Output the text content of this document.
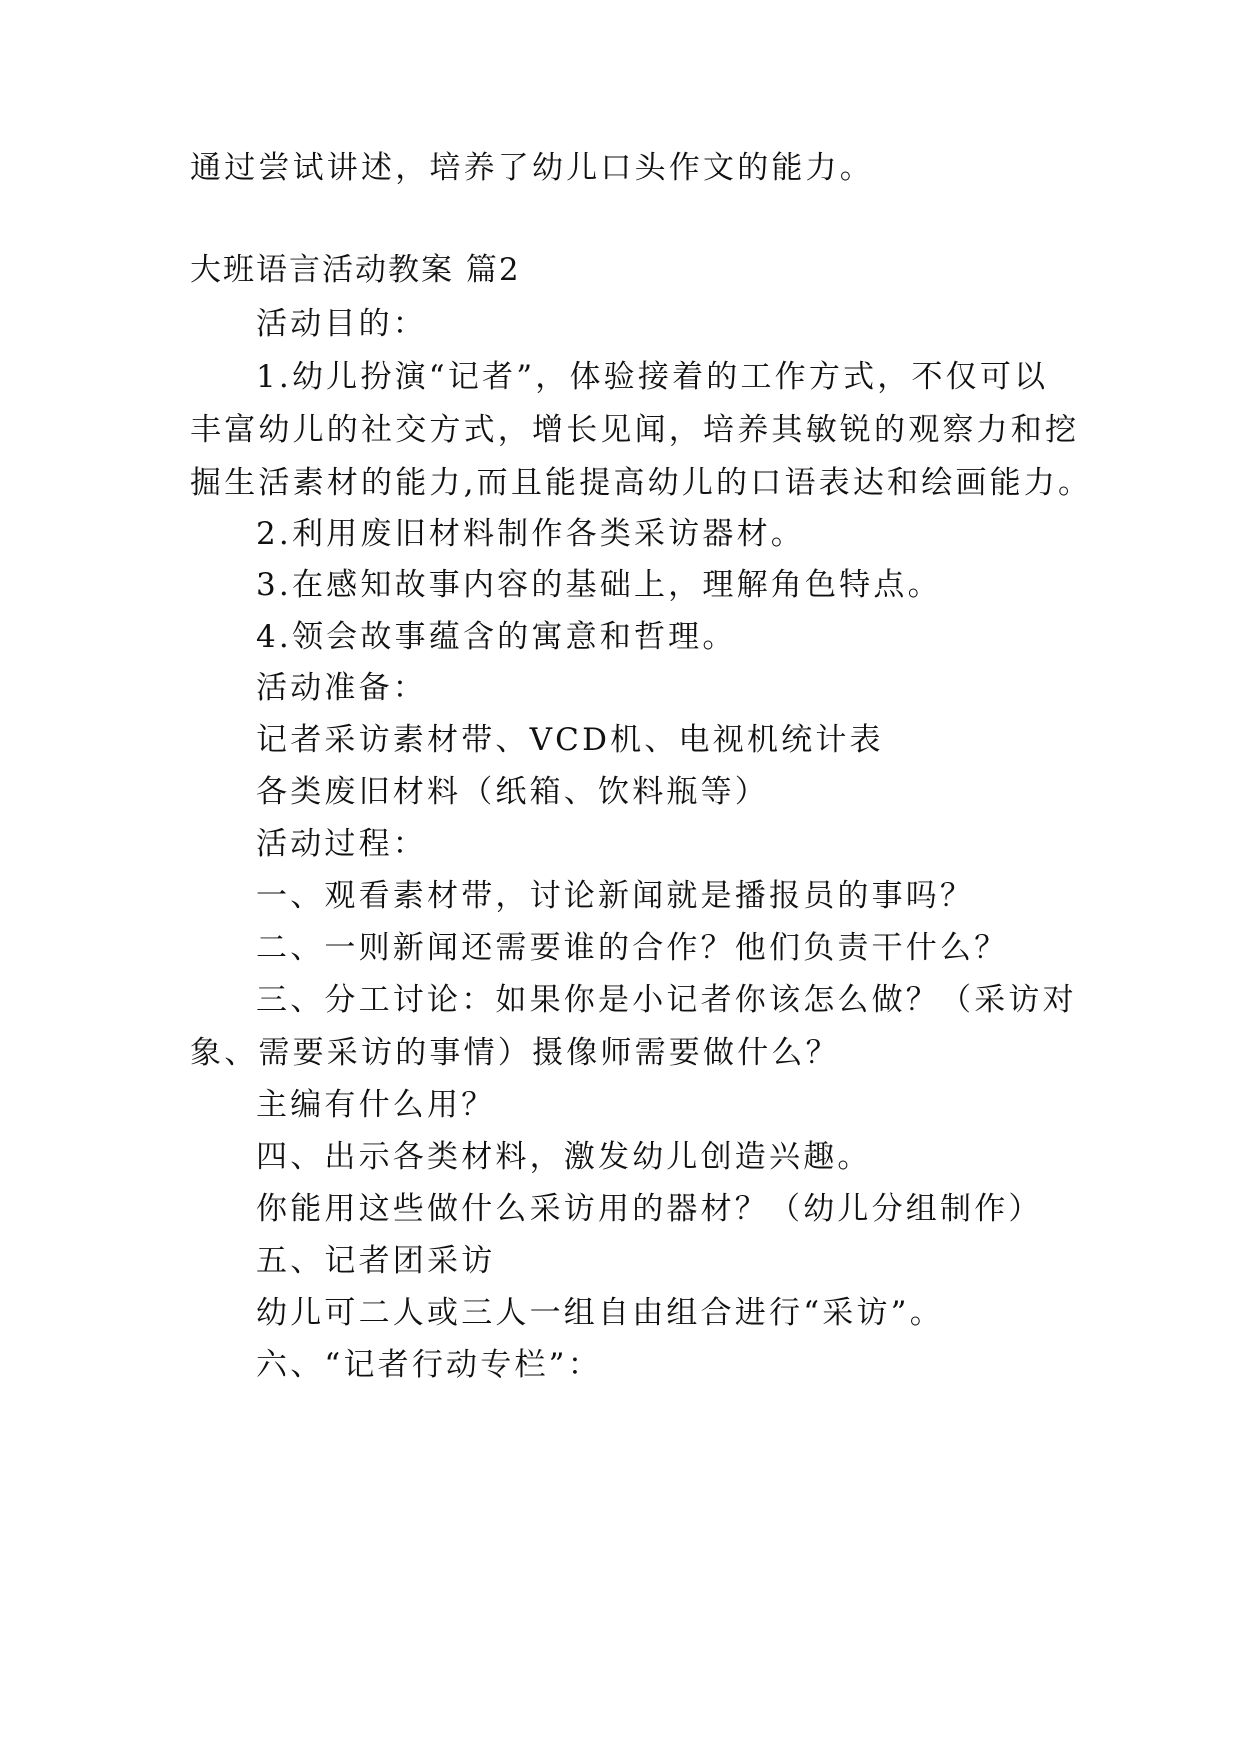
通过尝试讲述，培养了幼儿口头作文的能力。
大班语言活动教案 篇2
活动目的：
1.幼儿扮演“记者”，体验接着的工作方式，不仅可以
丰富幼儿的社交方式，增长见闻，培养其敏锐的观察力和挖
掘生活素材的能力,而且能提高幼儿的口语表达和绘画能力。
2.利用废旧材料制作各类采访器材。
3.在感知故事内容的基础上，理解角色特点。
4.领会故事蕴含的寓意和哲理。
活动准备：
记者采访素材带、VCD机、电视机统计表
各类废旧材料（纸箱、饮料瓶等）
活动过程：
一、观看素材带，讨论新闻就是播报员的事吗？
二、一则新闻还需要谁的合作？他们负责干什么？
三、分工讨论：如果你是小记者你该怎么做？（采访对
象、需要采访的事情）摄像师需要做什么？
主编有什么用？
四、出示各类材料，激发幼儿创造兴趣。
你能用这些做什么采访用的器材？（幼儿分组制作）
五、记者团采访
幼儿可二人或三人一组自由组合进行“采访”。
六、“记者行动专栏”：
